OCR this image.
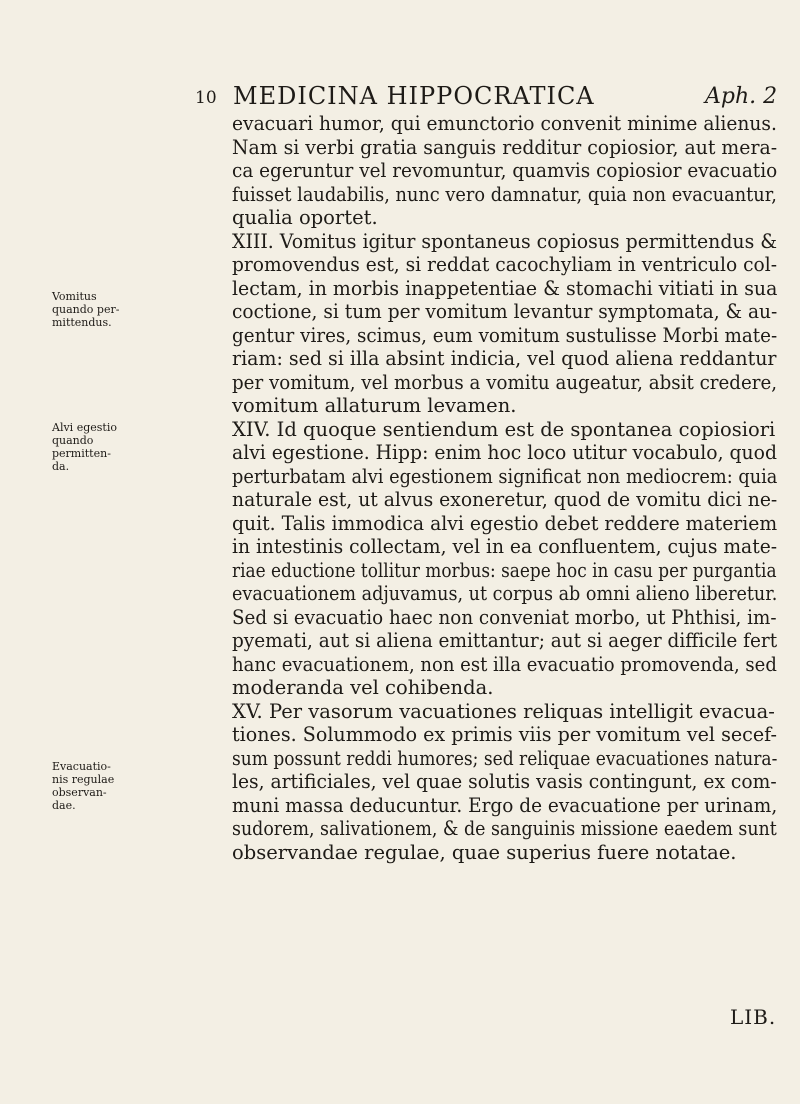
10 MEDICINA HIPPOCRATICA	Aph. 2
Vomitus
quando per-
mittendus.
Alvi egestio
quando
permitten-
da.
Evacuatio-
nis regulae
observan-
dae.
evacuari humor, qui emunctorio convenit minime alienus.
Nam si verbi gratia sanguis redditur copiosior, aut mera-
ca egeruntur vel revomuntur, quamvis copiosior evacuatio
fuisset laudabilis, nunc vero damnatur, quia non evacuantur,
qualia oportet.
XIII. Vomitus igitur spontaneus copiosus permittendus &
promovendus est, si reddat cacochyliam in ventriculo col-
lectam, in morbis inappetentiae & stomachi vitiati in sua
coctione, si tum per vomitum levantur symptomata, & au-
gentur vires, scimus, eum vomitum sustulisse Morbi mate-
riam: sed si illa absint indicia, vel quod aliena reddantur
per vomitum, vel morbus a vomitu augeatur, absit credere,
vomitum allaturum levamen.
XIV. Id quoque sentiendum est de spontanea copiosiori
alvi egestione. Hipp: enim hoc loco utitur vocabulo, quod
perturbatam alvi egestionem significat non mediocrem: quia
naturale est, ut alvus exoneretur, quod de vomitu dici ne-
quit. Talis immodica alvi egestio debet reddere materiem
in intestinis collectam, vel in ea confluentem, cujus mate-
riae eductione tollitur morbus: saepe hoc in casu per purgantia
evacuationem adjuvamus, ut corpus ab omni alieno liberetur.
Sed si evacuatio haec non conveniat morbo, ut Phthisi, im-
pyemati, aut si aliena emittantur; aut si aeger difficile fert
hanc evacuationem, non est illa evacuatio promovenda, sed
moderanda vel cohibenda.
XV. Per vasorum vacuationes reliquas intelligit evacua-
tiones. Solummodo ex primis viis per vomitum vel secef-
sum possunt reddi humores; sed reliquae evacuationes natura-
les, artificiales, vel quae solutis vasis contingunt, ex com-
muni massa deducuntur. Ergo de evacuatione per urinam,
sudorem, salivationem, & de sanguinis missione eaedem sunt
observandae regulae, quae superius fuere notatae.
LIB.
